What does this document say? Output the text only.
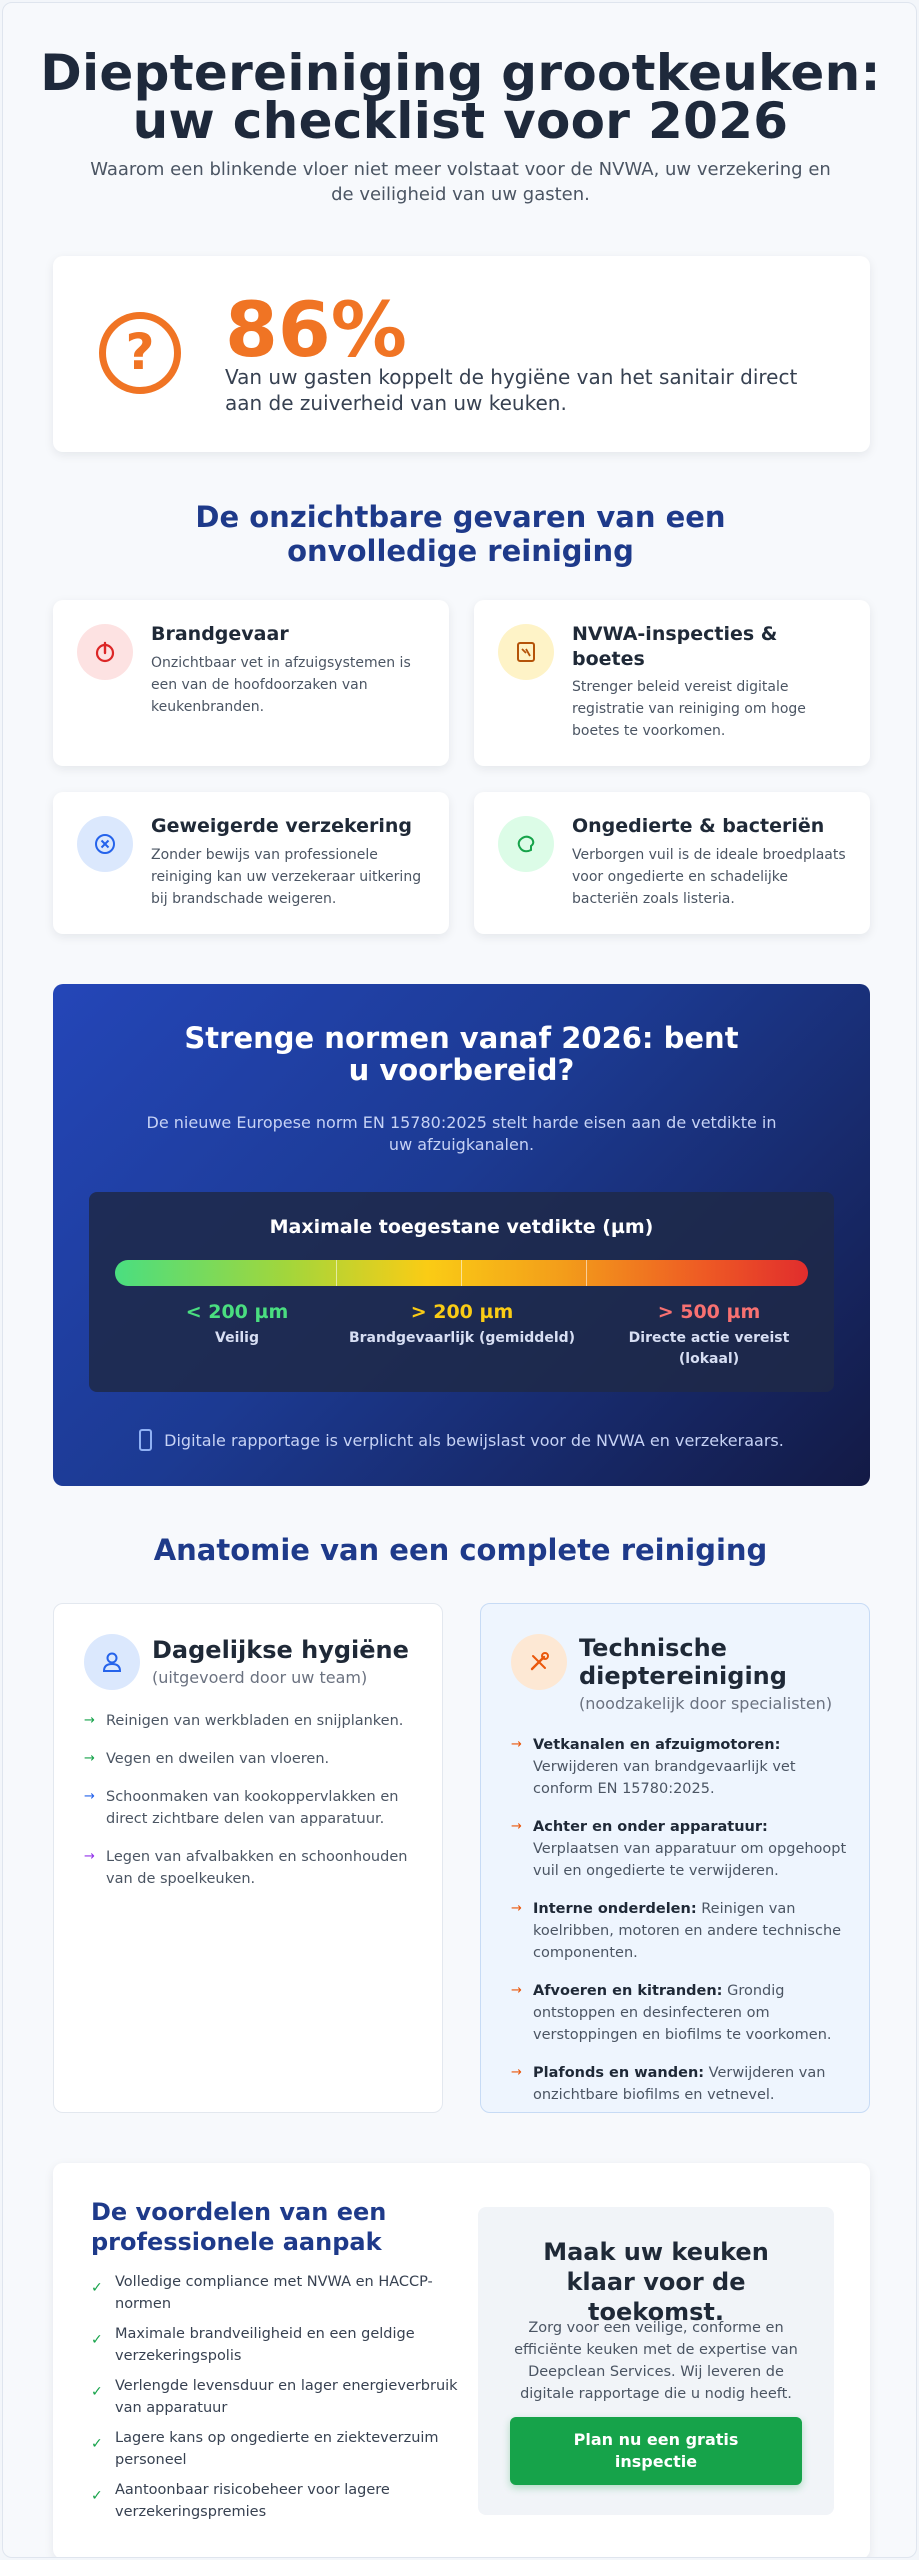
Dieptereiniging grootkeuken:
uw checklist voor 2026

Waarom een blinkende vloer niet meer volstaat voor de NVWA, uw verzekering en de veiligheid van uw gasten.

? 86%
Van uw gasten koppelt de hygiëne van het sanitair direct aan de zuiverheid van uw keuken.
De onzichtbare gevaren van een onvolledige reiniging
Brandgevaar
Onzichtbaar vet in afzuigsystemen is een van de hoofdoorzaken van keukenbranden.
NVWA-inspecties & boetes
Strenger beleid vereist digitale registratie van reiniging om hoge boetes te voorkomen.
Geweigerde verzekering
Zonder bewijs van professionele reiniging kan uw verzekeraar uitkering bij brandschade weigeren.
Ongedierte & bacteriën
Verborgen vuil is de ideale broedplaats voor ongedierte en schadelijke bacteriën zoals listeria.
Strenge normen vanaf 2026: bent u voorbereid?
De nieuwe Europese norm EN 15780:2025 stelt harde eisen aan de vetdikte in uw afzuigkanalen.
Maximale toegestane vetdikte (µm)
< 200 µm
Veilig
> 200 µm
Brandgevaarlijk (gemiddeld)
> 500 µm
Directe actie vereist (lokaal)
Digitale rapportage is verplicht als bewijslast voor de NVWA en verzekeraars.
Anatomie van een complete reiniging
Dagelijkse hygiëne
(uitgevoerd door uw team)
→ Reinigen van werkbladen en snijplanken.
→ Vegen en dweilen van vloeren.
→ Schoonmaken van kookoppervlakken en direct zichtbare delen van apparatuur.
→ Legen van afvalbakken en schoonhouden van de spoelkeuken.
Technische dieptereiniging
(noodzakelijk door specialisten)
→ Vetkanalen en afzuigmotoren: Verwijderen van brandgevaarlijk vet conform EN 15780:2025.
→ Achter en onder apparatuur: Verplaatsen van apparatuur om opgehoopt vuil en ongedierte te verwijderen.
→ Interne onderdelen: Reinigen van koelribben, motoren en andere technische componenten.
→ Afvoeren en kitranden: Grondig ontstoppen en desinfecteren om verstoppingen en biofilms te voorkomen.
→ Plafonds en wanden: Verwijderen van onzichtbare biofilms en vetnevel.
De voordelen van een professionele aanpak
✓ Volledige compliance met NVWA en HACCP-normen
✓ Maximale brandveiligheid en een geldige verzekeringspolis
✓ Verlengde levensduur en lager energieverbruik van apparatuur
✓ Lagere kans op ongedierte en ziekteverzuim personeel
✓ Aantoonbaar risicobeheer voor lagere verzekeringspremies
Maak uw keuken klaar voor de toekomst.
Zorg voor een veilige, conforme en efficiënte keuken met de expertise van Deepclean Services. Wij leveren de digitale rapportage die u nodig heeft.
Plan nu een gratis inspectie
